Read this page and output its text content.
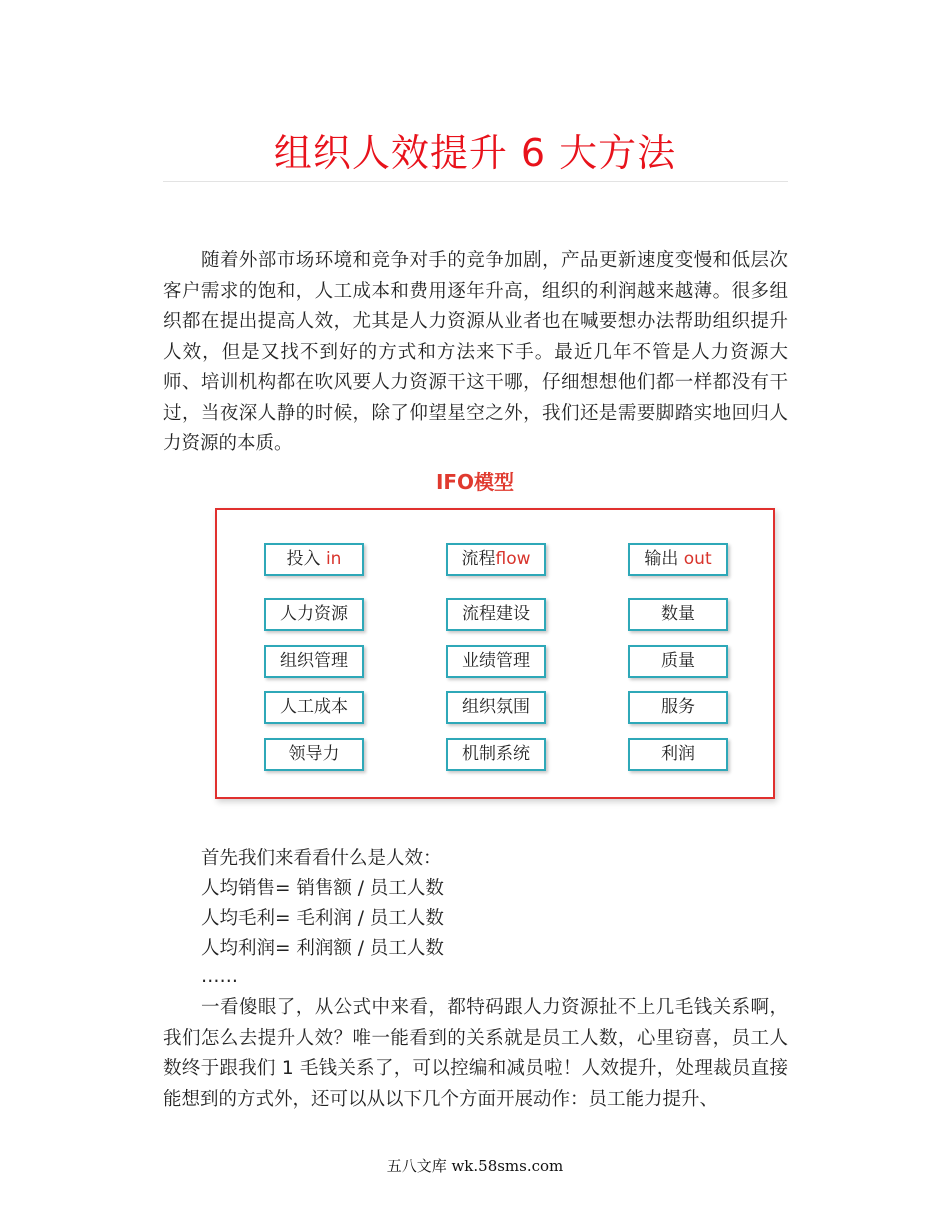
组织人效提升 6 大方法

随着外部市场环境和竞争对手的竞争加剧，产品更新速度变慢和低层次客户需求的饱和，人工成本和费用逐年升高，组织的利润越来越薄。很多组织都在提出提高人效，尤其是人力资源从业者也在喊要想办法帮助组织提升人效，但是又找不到好的方式和方法来下手。最近几年不管是人力资源大师、培训机构都在吹风要人力资源干这干哪，仔细想想他们都一样都没有干过，当夜深人静的时候，除了仰望星空之外，我们还是需要脚踏实地回归人力资源的本质。

IFO模型
投入 in
人力资源
组织管理
人工成本
领导力
流程flow
流程建设
业绩管理
组织氛围
机制系统
输出 out
数量
质量
服务
利润

首先我们来看看什么是人效：

人均销售= 销售额 / 员工人数

人均毛利= 毛利润 / 员工人数

人均利润= 利润额 / 员工人数

……

一看傻眼了，从公式中来看，都特码跟人力资源扯不上几毛钱关系啊，我们怎么去提升人效？唯一能看到的关系就是员工人数，心里窃喜，员工人数终于跟我们 1 毛钱关系了，可以控编和减员啦！人效提升，处理裁员直接能想到的方式外，还可以从以下几个方面开展动作：员工能力提升、

五八文库 wk.58sms.com
